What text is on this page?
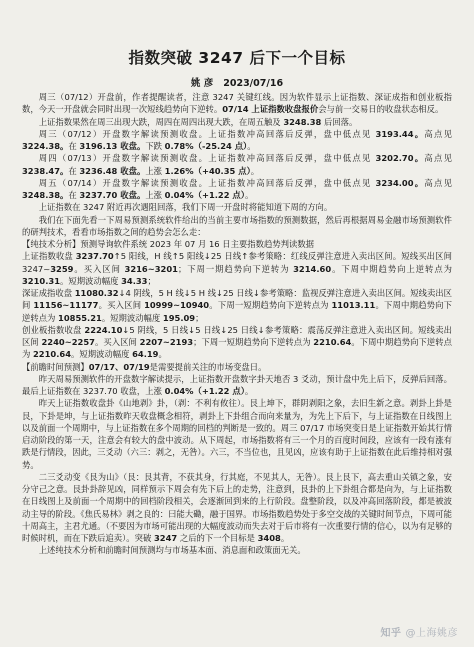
指数突破 3247 后下一个目标
姚 彦 2023/07/16

周三（07/12）开盘前，作者提醒读者，注意 3247 关键红线。因为软件显示上证指数、深证成指和创业板指数，今天一开盘就会同时出现一次短线趋势向下逆转。07/14 上证指数收盘报价会与前一交易日的收盘状态相反。

上证指数果然在周三出现大跌，周四在周四出现大跌，在周五触及 3248.38 后回落。

周三（07/12）开盘数字解读预测收盘。上证指数冲高回落后反弹，盘中低点见 3193.44。高点见 3224.38。在 3196.13 收盘。下跌 0.78%（-25.24 点）。

周四（07/13）开盘数字解读预测收盘。上证指数冲高回落后反弹，盘中低点见 3202.70。高点见 3238.47。在 3236.48 收盘。上涨 1.26%（+40.35 点）。

周五（07/14）开盘数字解读预测收盘。上证指数冲高回落后反弹，盘中低点见 3234.00。高点见 3248.38。在 3237.70 收盘。上涨 0.04%（+1.22 点）。

上证指数在 3247 附近再次遇阻回落，我们下周一开盘时将能知道下周的方向。

我们在下面先看一下周易预测系统软件给出的当前主要市场指数的预测数据，然后再根据周易金融市场预测软件的研判技术，看看市场指数之间的趋势会怎么走：

【纯技术分析】预测导询软件系统 2023 年 07 月 16 日主要指数趋势判读数据

上证指数收盘 3237.70↑5 阳线，H 线↑5 阳线↓25 日线↑参考策略：红线反弹注意进入卖出区间。短线买出区间 3247~3259。买入区间 3216~3201；下周一期趋势向下逆转为 3214.60。下周中期趋势向上逆转点为 3210.31。短期波动幅度 34.33；

深证成指收盘 11080.32↓4 阴线，5 H 线↓5 H 线↓25 日线↓参考策略：监视反弹注意进入卖出区间。短线卖出区间 11156~11177。买入区间 10999~10940。下周一短期趋势向下逆转点为 11013.11。下周中期趋势向下逆转点为 10855.21。短期波动幅度 195.09；

创业板指数收盘 2224.10↓5 阴线，5 日线↓5 日线↓25 日线↓参考策略：震荡反弹注意进入卖出区间。短线卖出区间 2240~2257。买入区间 2207~2193；下周一短期趋势向下逆转点为 2210.64。下周中期趋势向下逆转点为 2210.64。短期波动幅度 64.19。

【前瞻时间预测】07/17、07/19是需要提前关注的市场变盘日。

昨天周易预测软件的开盘数字解读提示，上证指数开盘数字卦天地否 3 爻动，预计盘中先上后下，反弹后回落。最后上证指数在 3237.70 收盘，上涨 0.04%（+1.22 点）。

昨天上证指数收盘卦《山地剥》卦，（剥：不利有攸往）。艮上坤下，群阴剥阳之象，去旧生新之意。剥卦上卦是艮，下卦是坤，与上证指数昨天收盘概念相符，剥卦上下卦组合而向来量为，为先上下后下，与上证指数在日线图上以及前面一个周期中，与上证指数在多个周期的回档的判断是一致的。周三 07/17 市场突变日是上证指数开始其行情启动阶段的第一天，注意会有较大的盘中波动。从下周起，市场指数将有三一个月的百度时间段，应该有一段有涨有跌是行情段，因此，三爻动（六三：剥之，无咎）。六三，不当位也，且见凶，应该有助于上证指数在此后维持相对强势。

二三爻动变《艮为山》（艮：艮其背，不获其身，行其庭，不见其人，无咎）。艮上艮下，高去重山关镇之象，安分守己之意。艮卦卦辞见凶，同样预示下周会有先下后上的走势，注意到，艮卦的上下卦组合都是向为，与上证指数在日线图上及前面一个周期中的回档阶段相关，会逐渐回到来的上行阶段。盘整阶段，以及冲高回落阶段，都是被波动主导的阶段。《焦氏易林》剥之良的：曰能大磡，融于国界。市场指数趋势处于多空交战的关键时间节点，下周可能十周高主，主君尤通。（不要因为市场可能出现的大幅度波动而失去对于后市将有一次重要行情的信心，以为有足够的时候时机，而在下跌后追卖）。突破 3247 之后的下一个目标是 3408。

上述纯技术分析和前瞻时间预测均与市场基本面、消息面和政策面无关。

知乎 @上海姚彦
